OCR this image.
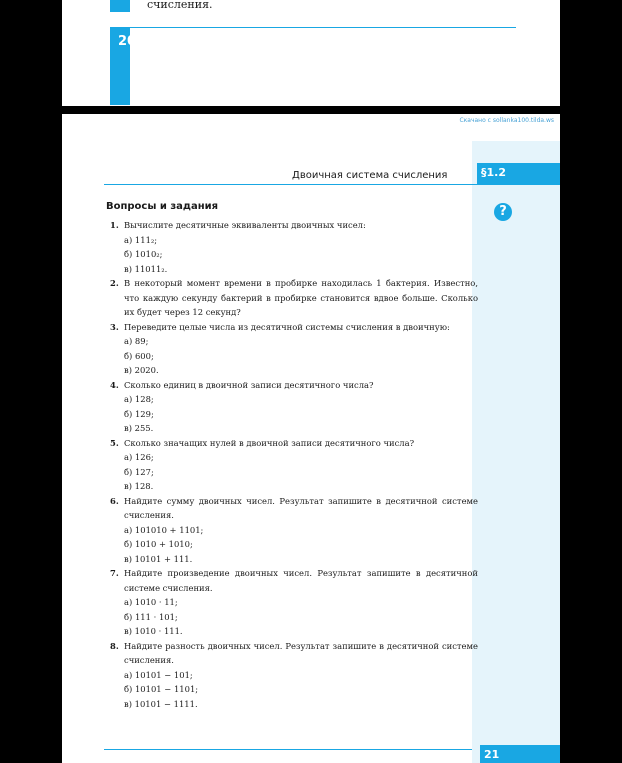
счисления.
20
Скачано с sollanka100.tilda.ws
Двоичная система счисления	§1.2
?
Вопросы и задания
1. Вычислите десятичные эквиваленты двоичных чисел:
а) 111₂;
б) 1010₂;
в) 11011₂.
2. В некоторый момент времени в пробирке находилась 1 бактерия. Известно, что каждую секунду бактерий в пробирке становится вдвое больше. Сколько их будет через 12 секунд?
3. Переведите целые числа из десятичной системы счисления в двоичную:
а) 89;
б) 600;
в) 2020.
4. Сколько единиц в двоичной записи десятичного числа?
а) 128;
б) 129;
в) 255.
5. Сколько значащих нулей в двоичной записи десятичного числа?
а) 126;
б) 127;
в) 128.
6. Найдите сумму двоичных чисел. Результат запишите в десятичной системе счисления.
а) 101010 + 1101;
б) 1010 + 1010;
в) 10101 + 111.
7. Найдите произведение двоичных чисел. Результат запишите в десятичной системе счисления.
а) 1010 · 11;
б) 111 · 101;
в) 1010 · 111.
8. Найдите разность двоичных чисел. Результат запишите в десятичной системе счисления.
а) 10101 − 101;
б) 10101 − 1101;
в) 10101 − 1111.
21
